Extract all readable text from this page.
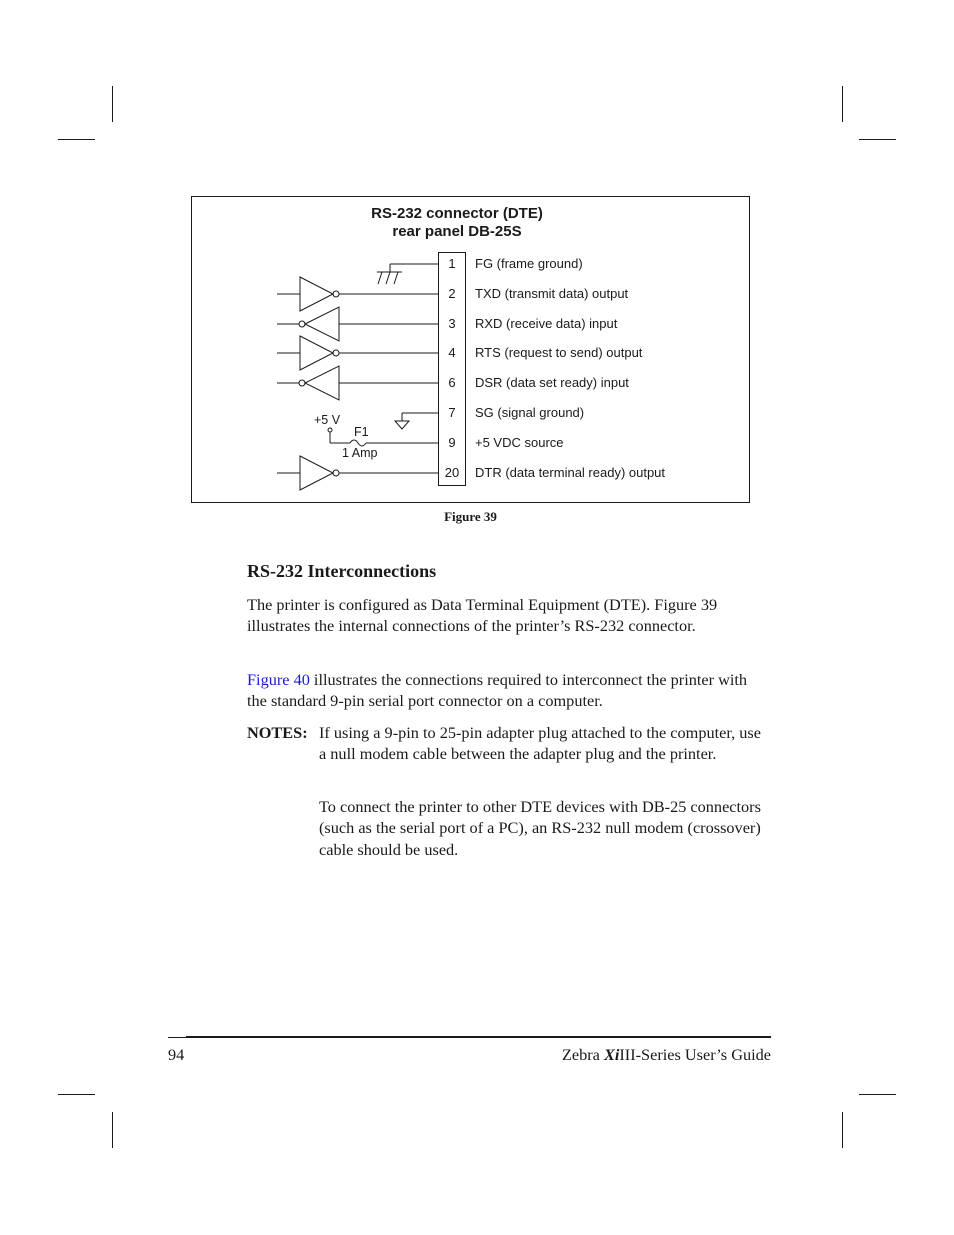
RS-232 connector (DTE)
rear panel DB-25S
1
2
3
4
6
7
9
20
FG (frame ground)
TXD (transmit data) output
RXD (receive data) input
RTS (request to send) output
DSR (data set ready) input
SG (signal ground)
+5 VDC source
DTR (data terminal ready) output
+5 V
F1
1 Amp
Figure 39
RS-232 Interconnections

The printer is configured as Data Terminal Equipment (DTE). Figure 39 illustrates the internal connections of the printer’s RS-232 connector.

Figure 40 illustrates the connections required to interconnect the printer with the standard 9-pin serial port connector on a computer.

NOTES: If using a 9-pin to 25-pin adapter plug attached to the computer, use a null modem cable between the adapter plug and the printer.
To connect the printer to other DTE devices with DB-25 connectors (such as the serial port of a PC), an RS-232 null modem (crossover) cable should be used.
94	Zebra XiIII-Series User’s Guide
